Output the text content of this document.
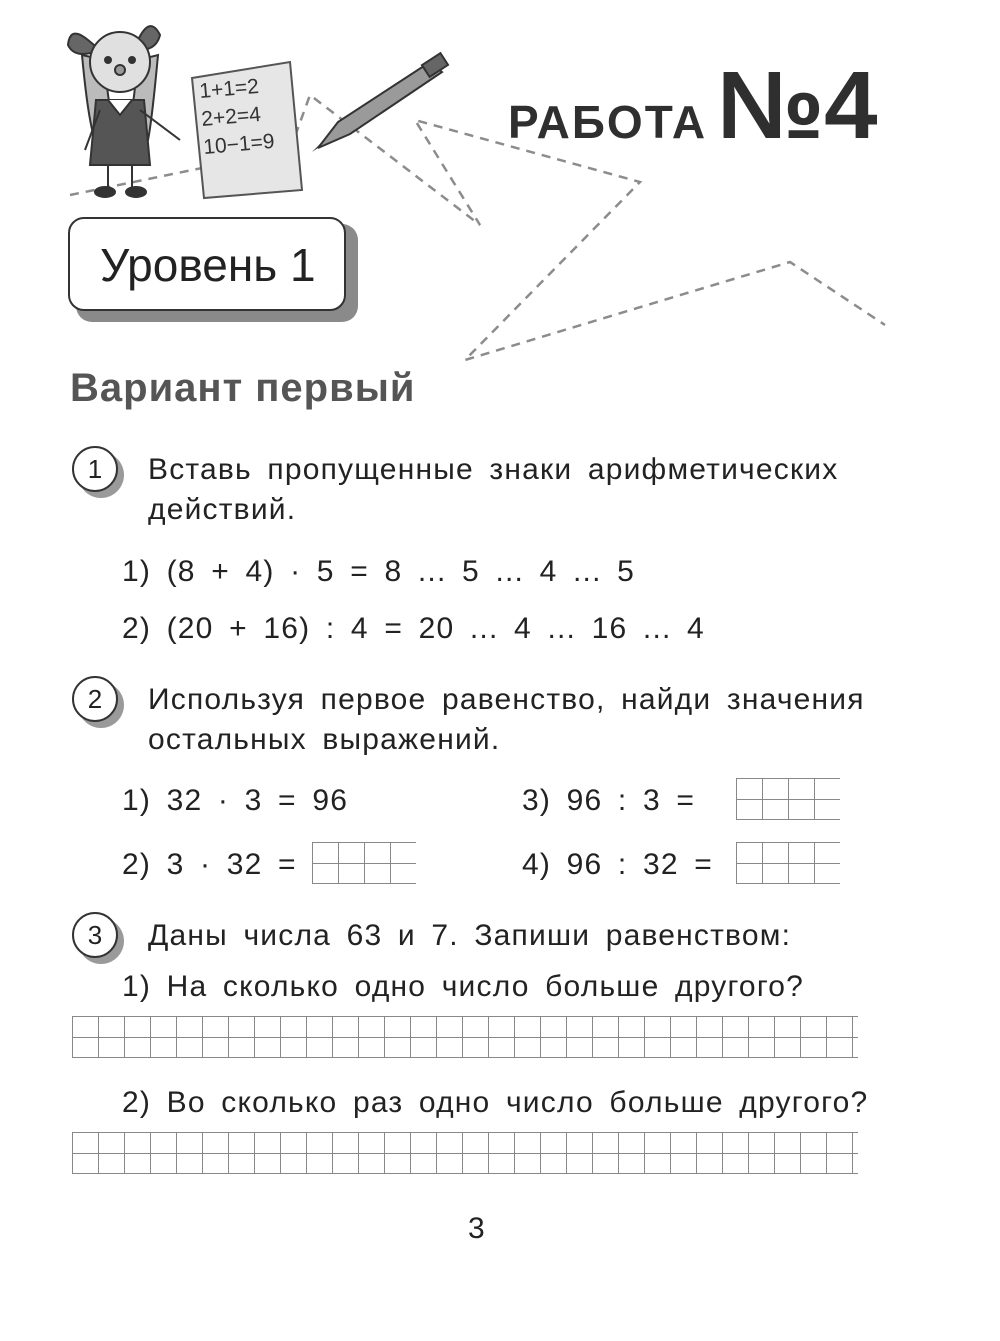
1+1=2
2+2=4
10−1=9	РАБОТА №4
Уровень 1
Вариант первый
1	Вставь пропущенные знаки арифметических действий.
1) (8 + 4) · 5 = 8 ... 5 ... 4 ... 5
2) (20 + 16) : 4 = 20 ... 4 ... 16 ... 4
2	Используя первое равенство, найди значения остальных выражений.
1) 32 · 3 = 96
2) 3 · 32 =
3) 96 : 3 =
4) 96 : 32 =
3	Даны числа 63 и 7. Запиши равенством:
1) На сколько одно число больше другого?
2) Во сколько раз одно число больше другого?
3
